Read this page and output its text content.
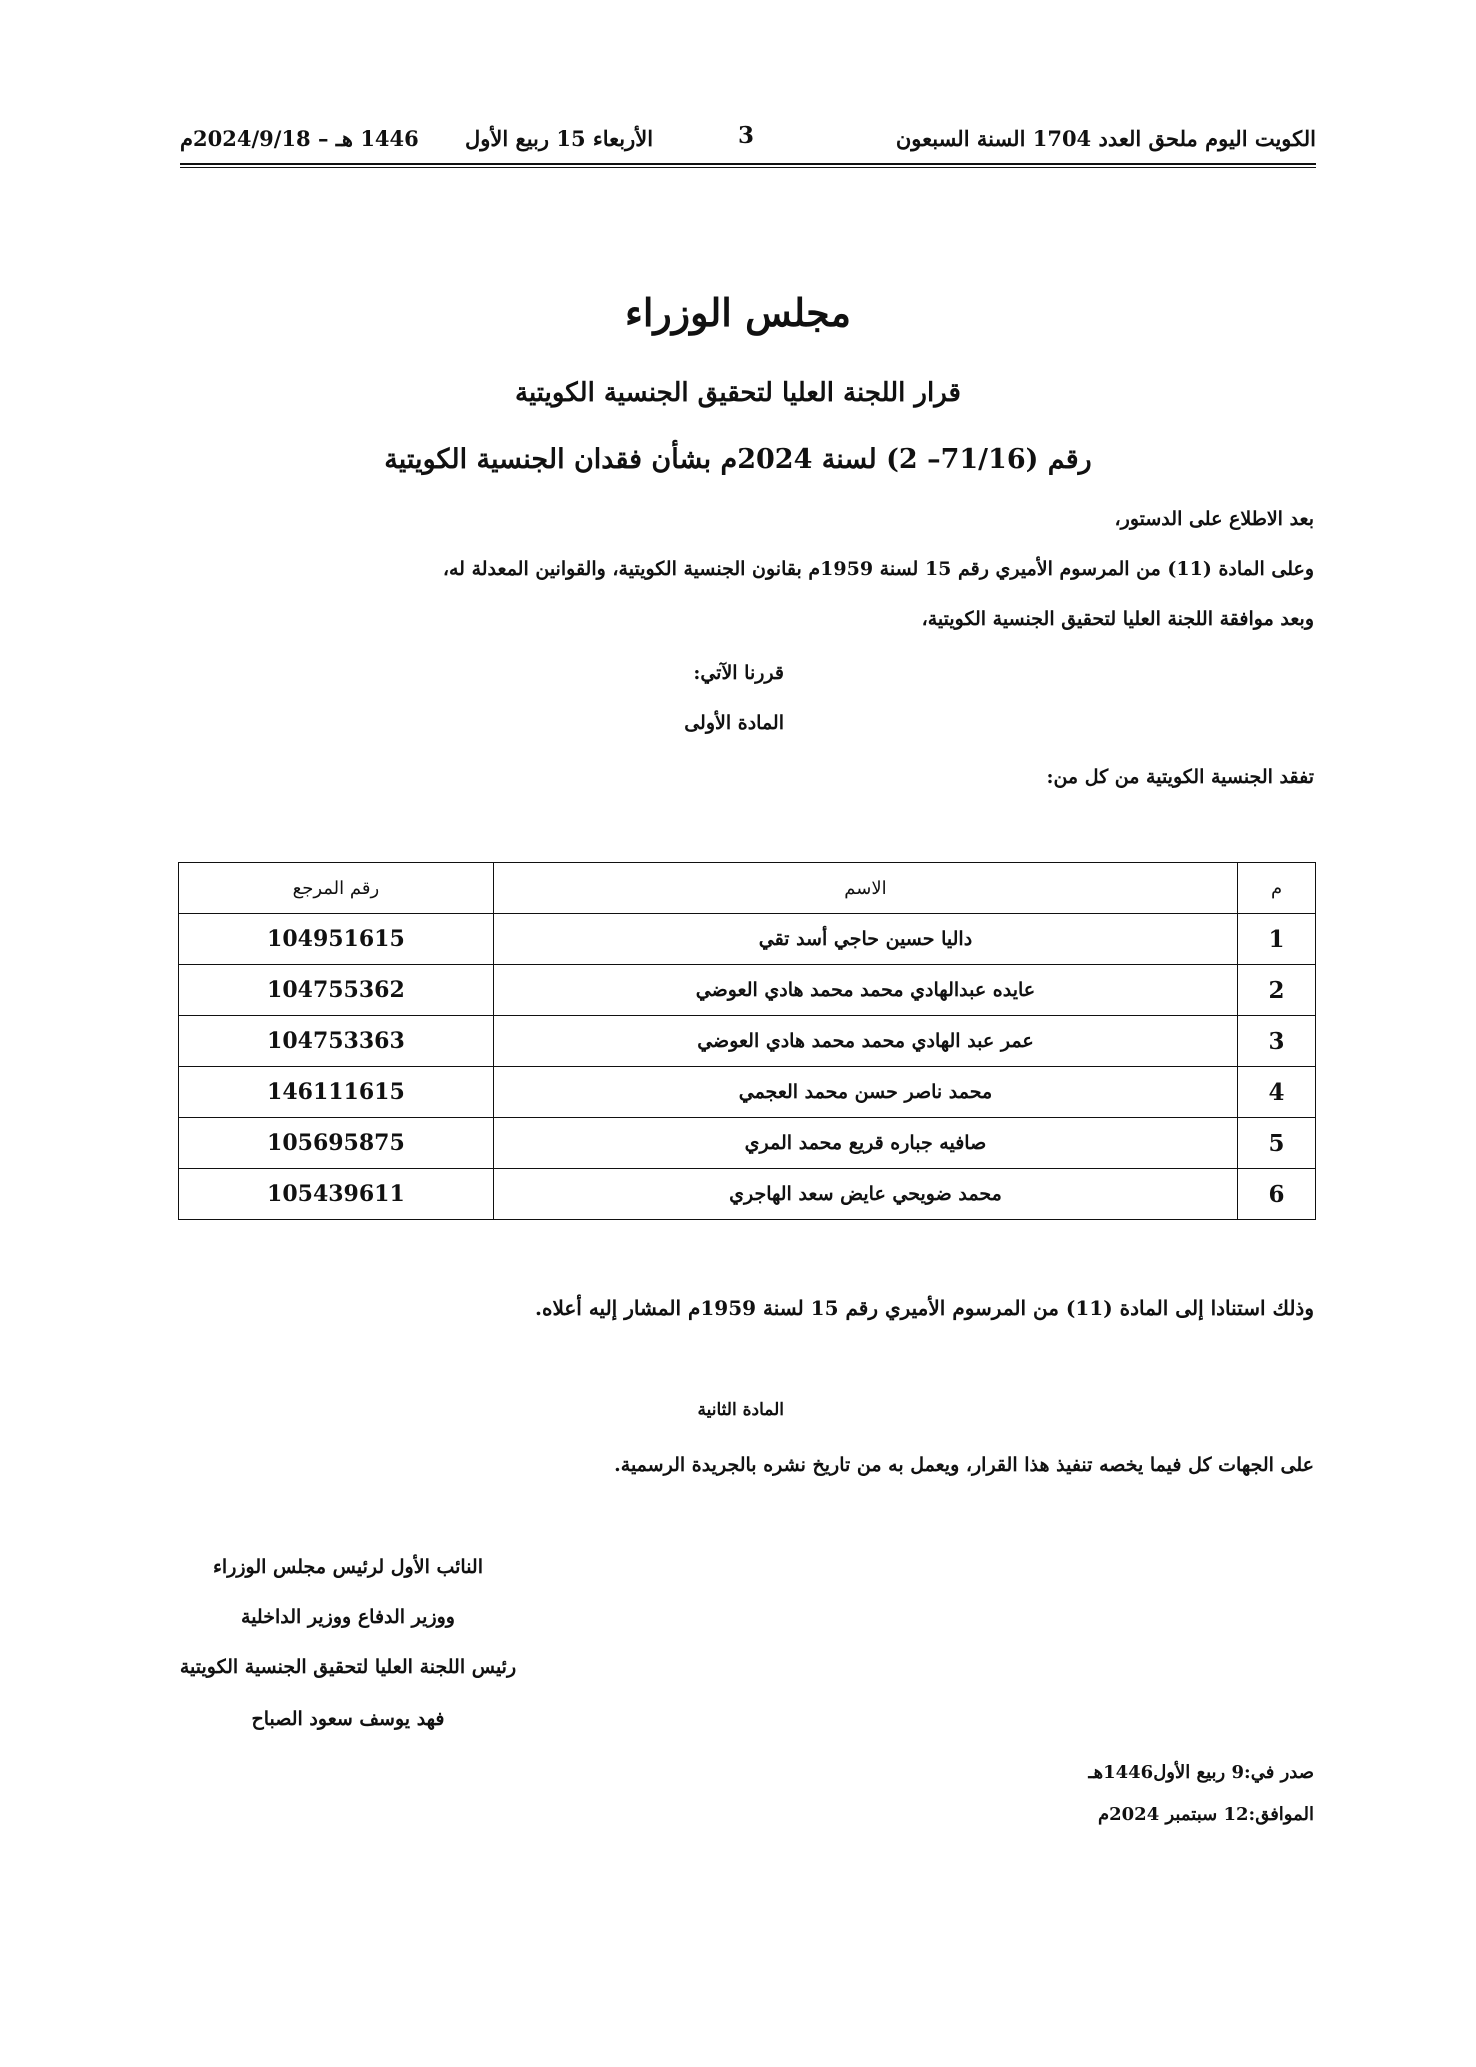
الكويت اليوم ملحق العدد 1704 السنة السبعون
3
الأربعاء 15 ربيع الأول
1446 هـ – 2024/9/18م
مجلس الوزراء
قرار اللجنة العليا لتحقيق الجنسية الكويتية
رقم (71/16– 2) لسنة 2024م بشأن فقدان الجنسية الكويتية
بعد الاطلاع على الدستور،
وعلى المادة (11) من المرسوم الأميري رقم 15 لسنة 1959م بقانون الجنسية الكويتية، والقوانين المعدلة له،
وبعد موافقة اللجنة العليا لتحقيق الجنسية الكويتية،
قررنا الآتي:
المادة الأولى
تفقد الجنسية الكويتية من كل من:
م	الاسم	رقم المرجع
1	داليا حسين حاجي أسد تقي	104951615
2	عايده عبدالهادي محمد محمد هادي العوضي	104755362
3	عمر عبد الهادي محمد محمد هادي العوضي	104753363
4	محمد ناصر حسن محمد العجمي	146111615
5	صافيه جباره قريع محمد المري	105695875
6	محمد ضويحي عايض سعد الهاجري	105439611
وذلك استنادا إلى المادة (11) من المرسوم الأميري رقم 15 لسنة 1959م المشار إليه أعلاه.
المادة الثانية
على الجهات كل فيما يخصه تنفيذ هذا القرار، ويعمل به من تاريخ نشره بالجريدة الرسمية.
النائب الأول لرئيس مجلس الوزراء
ووزير الدفاع ووزير الداخلية
رئيس اللجنة العليا لتحقيق الجنسية الكويتية
فهد يوسف سعود الصباح
صدر في:9 ربيع الأول1446هـ
الموافق:12 سبتمبر 2024م
